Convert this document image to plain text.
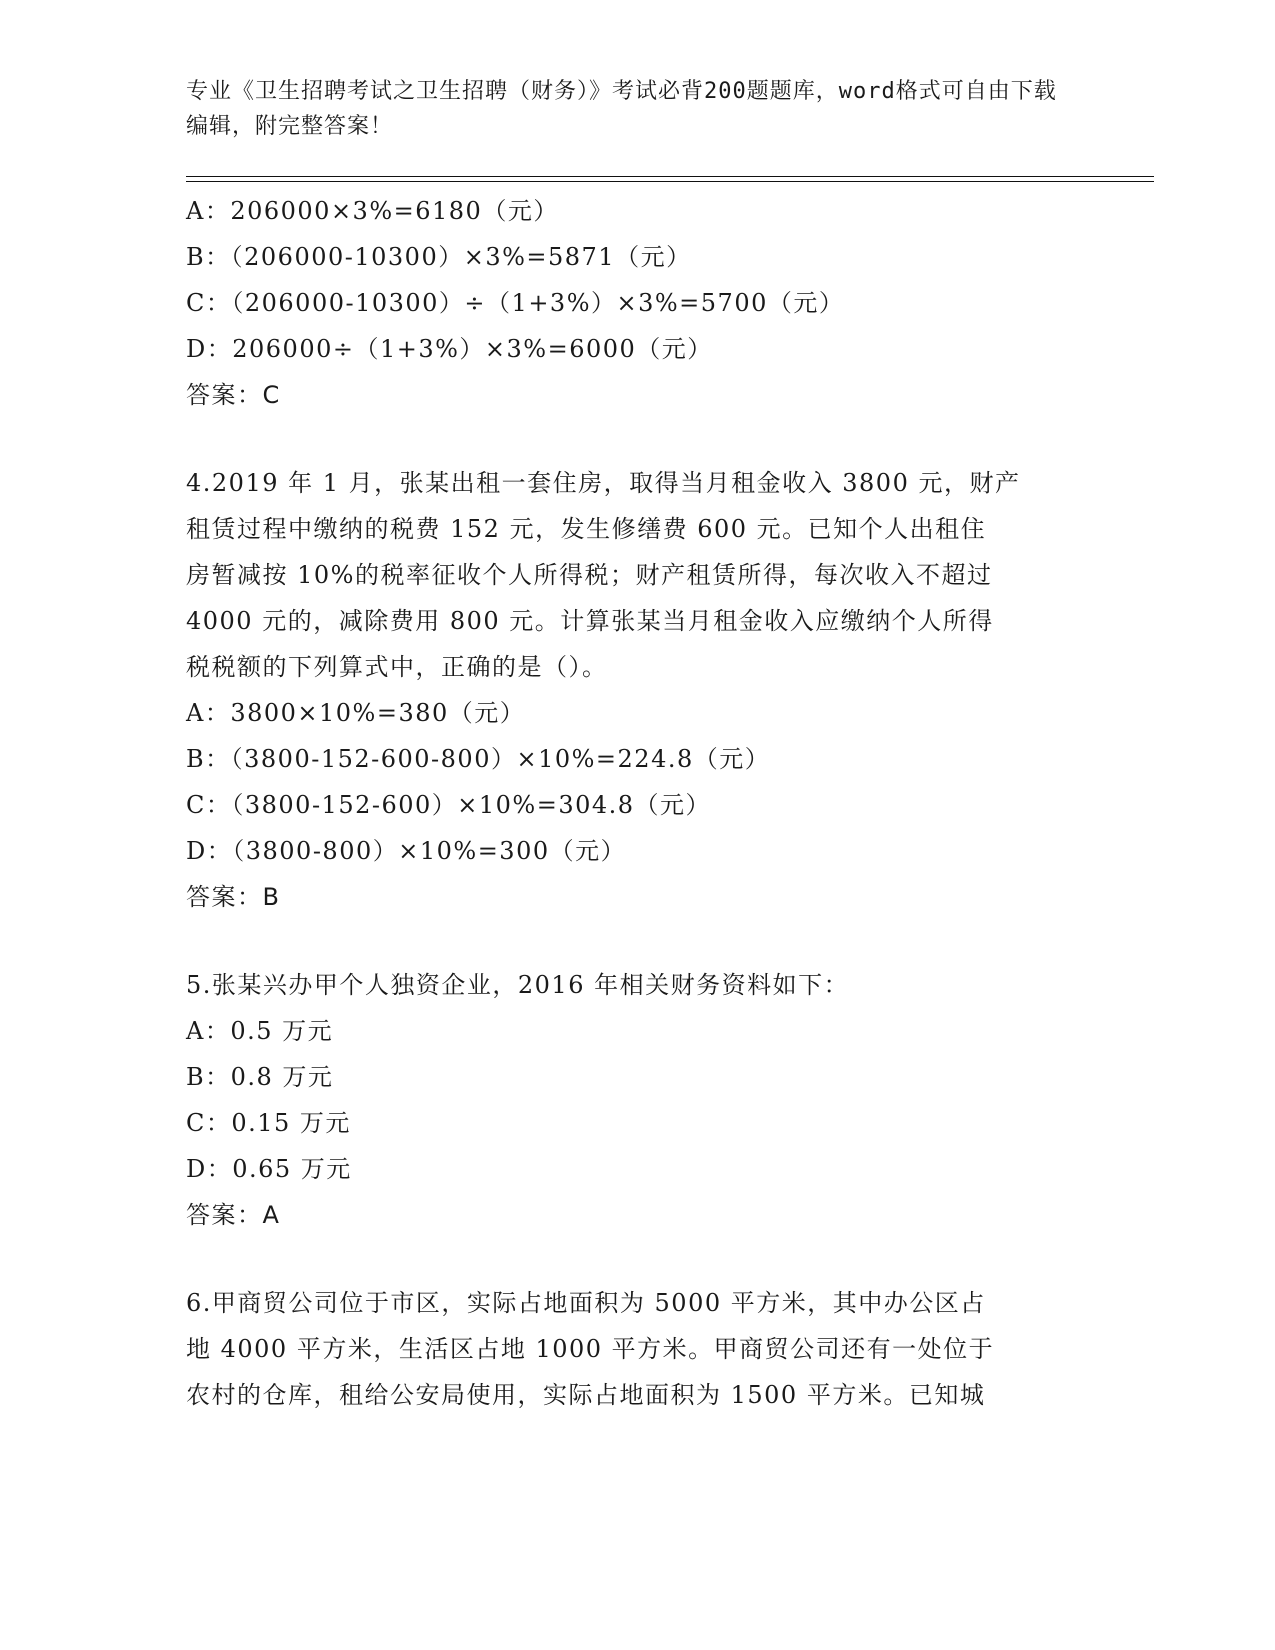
专业《卫生招聘考试之卫生招聘（财务）》考试必背200题题库，word格式可自由下载编辑，附完整答案！
A：206000×3%=6180（元）
B：（206000-10300）×3%=5871（元）
C：（206000-10300）÷（1+3%）×3%=5700（元）
D：206000÷（1+3%）×3%=6000（元）
答案：C
4.2019 年 1 月，张某出租一套住房，取得当月租金收入 3800 元，财产
租赁过程中缴纳的税费 152 元，发生修缮费 600 元。已知个人出租住
房暂减按 10%的税率征收个人所得税；财产租赁所得，每次收入不超过
4000 元的，减除费用 800 元。计算张某当月租金收入应缴纳个人所得
税税额的下列算式中，正确的是（）。
A：3800×10%=380（元）
B：（3800-152-600-800）×10%=224.8（元）
C：（3800-152-600）×10%=304.8（元）
D：（3800-800）×10%=300（元）
答案：B
5.张某兴办甲个人独资企业，2016 年相关财务资料如下：
A：0.5 万元
B：0.8 万元
C：0.15 万元
D：0.65 万元
答案：A
6.甲商贸公司位于市区，实际占地面积为 5000 平方米，其中办公区占
地 4000 平方米，生活区占地 1000 平方米。甲商贸公司还有一处位于
农村的仓库，租给公安局使用，实际占地面积为 1500 平方米。已知城
